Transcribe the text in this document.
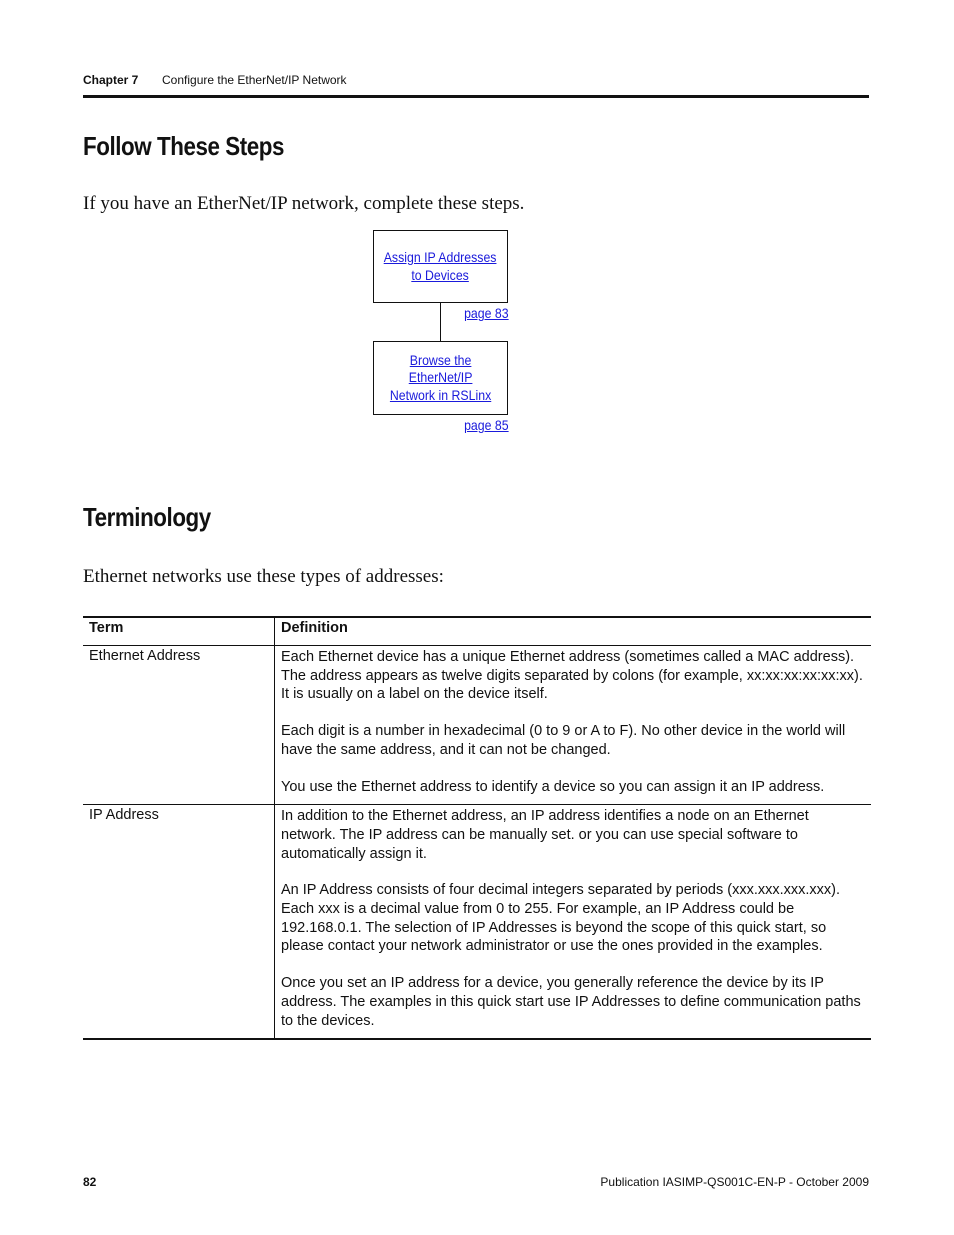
Chapter 7 Configure the EtherNet/IP Network
Follow These Steps
If you have an EtherNet/IP network, complete these steps.
Assign IP Addresses
to Devices
page 83
Browse the
EtherNet/IP
Network in RSLinx
page 85
Terminology
Ethernet networks use these types of addresses:
Term	Definition
Ethernet Address	Each Ethernet device has a unique Ethernet address (sometimes called a MAC address). The address appears as twelve digits separated by colons (for example, xx:xx:xx:xx:xx:xx). It is usually on a label on the device itself.

Each digit is a number in hexadecimal (0 to 9 or A to F). No other device in the world will have the same address, and it can not be changed.

You use the Ethernet address to identify a device so you can assign it an IP address.

IP Address	In addition to the Ethernet address, an IP address identifies a node on an Ethernet network. The IP address can be manually set. or you can use special software to automatically assign it.

An IP Address consists of four decimal integers separated by periods (xxx.xxx.xxx.xxx). Each xxx is a decimal value from 0 to 255. For example, an IP Address could be 192.168.0.1. The selection of IP Addresses is beyond the scope of this quick start, so please contact your network administrator or use the ones provided in the examples.

Once you set an IP address for a device, you generally reference the device by its IP address. The examples in this quick start use IP Addresses to define communication paths to the devices.

82	Publication IASIMP-QS001C-EN-P - October 2009
